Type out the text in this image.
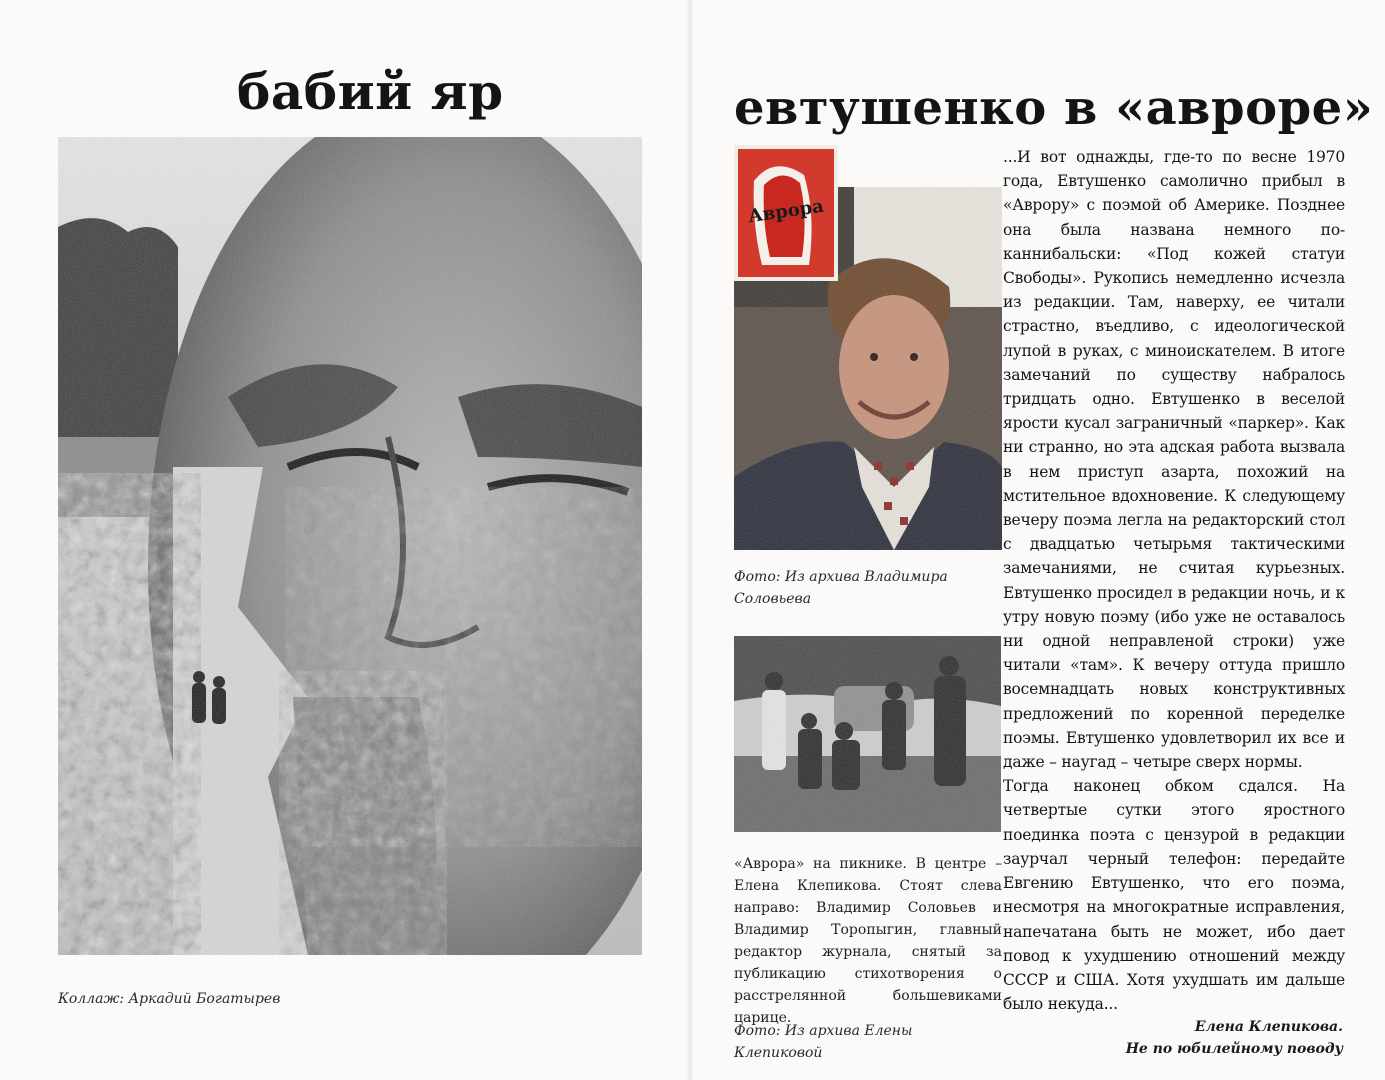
бабий яр

Коллаж: Аркадий Богатырев

евтушенко в «авроре»
Аврора

Фото: Из архива Владимира Соловьева

«Аврора» на пикнике. В центре – Елена Клепикова. Стоят слева направо: Владимир Соловьев и Владимир Торопыгин, главный редактор журнала, снятый за публикацию стихотворения о расстрелянной большевиками царице.

Фото: Из архива Елены Клепиковой

...И вот однажды, где-то по весне 1970 года, Евтушенко самолично прибыл в «Аврору» с поэмой об Америке. Позднее она была названа немного по-каннибальски: «Под кожей статуи Свободы». Рукопись немедленно исчезла из редакции. Там, наверху, ее читали страстно, въедливо, с идеологической лупой в руках, с миноискателем. В итоге замечаний по существу набралось тридцать одно. Евтушенко в веселой ярости кусал заграничный «паркер». Как ни странно, но эта адская работа вызвала в нем приступ азарта, похожий на мстительное вдохновение. К следующему вечеру поэма легла на редакторский стол с двадцатью четырьмя тактическими замечаниями, не считая курьезных. Евтушенко просидел в редакции ночь, и к утру новую поэму (ибо уже не оставалось ни одной неправленой строки) уже читали «там». К вечеру оттуда пришло восемнадцать новых конструктивных предложений по коренной переделке поэмы. Евтушенко удовлетворил их все и даже – наугад – четыре сверх нормы.

Тогда наконец обком сдался. На четвертые сутки этого яростного поединка поэта с цензурой в редакции заурчал черный телефон: передайте Евгению Евтушенко, что его поэма, несмотря на многократные исправления, напечатана быть не может, ибо дает повод к ухудшению отношений между СССР и США. Хотя ухудшать им дальше было некуда...

Елена Клепикова.
Не по юбилейному поводу
